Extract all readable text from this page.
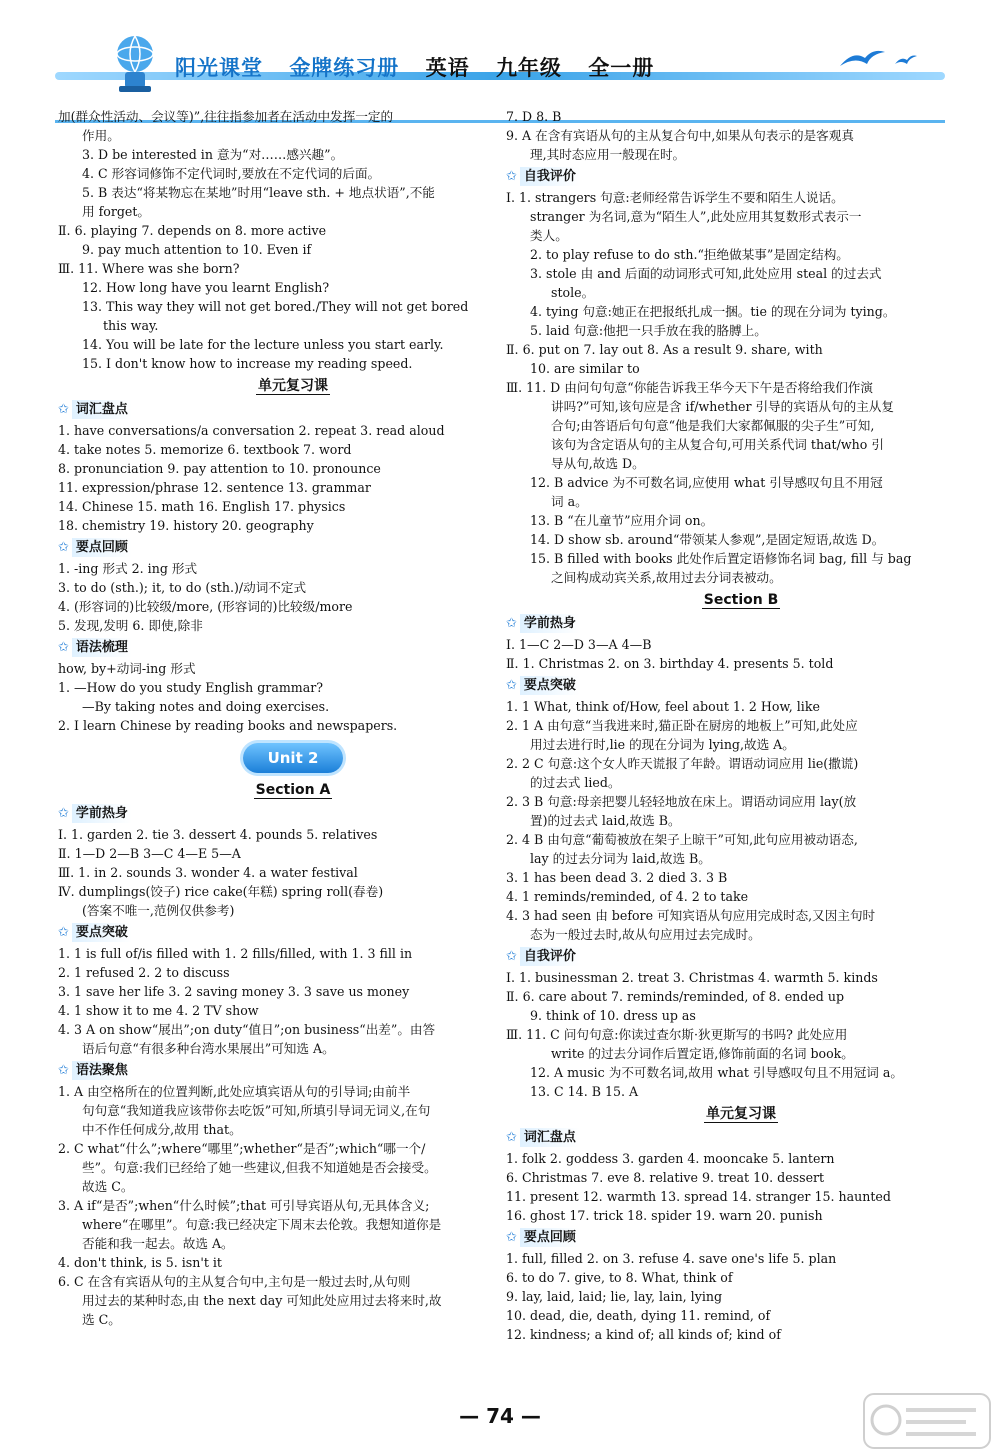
阳光课堂 金牌练习册 英语 九年级 全一册
加(群众性活动、会议等)”,往往指参加者在活动中发挥一定的
作用。
3. D be interested in 意为“对……感兴趣”。
4. C 形容词修饰不定代词时,要放在不定代词的后面。
5. B 表达“将某物忘在某地”时用“leave sth. + 地点状语”,不能
用 forget。
Ⅱ. 6. playing 7. depends on 8. more active
9. pay much attention to 10. Even if
Ⅲ. 11. Where was she born?
12. How long have you learnt English?
13. This way they will not get bored./They will not get bored
this way.
14. You will be late for the lecture unless you start early.
15. I don't know how to increase my reading speed.
单元复习课
✩ 词汇盘点
1. have conversations/a conversation 2. repeat 3. read aloud
4. take notes 5. memorize 6. textbook 7. word
8. pronunciation 9. pay attention to 10. pronounce
11. expression/phrase 12. sentence 13. grammar
14. Chinese 15. math 16. English 17. physics
18. chemistry 19. history 20. geography
✩ 要点回顾
1. -ing 形式 2. ing 形式
3. to do (sth.); it, to do (sth.)/动词不定式
4. (形容词的)比较级/more, (形容词的)比较级/more
5. 发现,发明 6. 即使,除非
✩ 语法梳理
how, by+动词-ing 形式
1. —How do you study English grammar?
—By taking notes and doing exercises.
2. I learn Chinese by reading books and newspapers.
Unit 2
Section A
✩ 学前热身
Ⅰ. 1. garden 2. tie 3. dessert 4. pounds 5. relatives
Ⅱ. 1—D 2—B 3—C 4—E 5—A
Ⅲ. 1. in 2. sounds 3. wonder 4. a water festival
Ⅳ. dumplings(饺子) rice cake(年糕) spring roll(春卷)
(答案不唯一,范例仅供参考)
✩ 要点突破
1. 1 is full of/is filled with 1. 2 fills/filled, with 1. 3 fill in
2. 1 refused 2. 2 to discuss
3. 1 save her life 3. 2 saving money 3. 3 save us money
4. 1 show it to me 4. 2 TV show
4. 3 A on show“展出”;on duty“值日”;on business“出差”。由答
语后句意“有很多种台湾水果展出”可知选 A。
✩ 语法聚焦
1. A 由空格所在的位置判断,此处应填宾语从句的引导词;由前半
句句意“我知道我应该带你去吃饭”可知,所填引导词无词义,在句
中不作任何成分,故用 that。
2. C what“什么”;where“哪里”;whether“是否”;which“哪一个/
些”。句意:我们已经给了她一些建议,但我不知道她是否会接受。
故选 C。
3. A if“是否”;when“什么时候”;that 可引导宾语从句,无具体含义;
where“在哪里”。句意:我已经决定下周末去伦敦。我想知道你是
否能和我一起去。故选 A。
4. don't think, is 5. isn't it
6. C 在含有宾语从句的主从复合句中,主句是一般过去时,从句则
用过去的某种时态,由 the next day 可知此处应用过去将来时,故
选 C。
7. D 8. B
9. A 在含有宾语从句的主从复合句中,如果从句表示的是客观真
理,其时态应用一般现在时。
✩ 自我评价
Ⅰ. 1. strangers 句意:老师经常告诉学生不要和陌生人说话。
stranger 为名词,意为“陌生人”,此处应用其复数形式表示一
类人。
2. to play refuse to do sth.“拒绝做某事”是固定结构。
3. stole 由 and 后面的动词形式可知,此处应用 steal 的过去式
stole。
4. tying 句意:她正在把报纸扎成一捆。tie 的现在分词为 tying。
5. laid 句意:他把一只手放在我的胳膊上。
Ⅱ. 6. put on 7. lay out 8. As a result 9. share, with
10. are similar to
Ⅲ. 11. D 由问句句意“你能告诉我王华今天下午是否将给我们作演
讲吗?”可知,该句应是含 if/whether 引导的宾语从句的主从复
合句;由答语后句句意“他是我们大家都佩服的尖子生”可知,
该句为含定语从句的主从复合句,可用关系代词 that/who 引
导从句,故选 D。
12. B advice 为不可数名词,应使用 what 引导感叹句且不用冠
词 a。
13. B “在儿童节”应用介词 on。
14. D show sb. around“带领某人参观”,是固定短语,故选 D。
15. B filled with books 此处作后置定语修饰名词 bag, fill 与 bag
之间构成动宾关系,故用过去分词表被动。
Section B
✩ 学前热身
Ⅰ. 1—C 2—D 3—A 4—B
Ⅱ. 1. Christmas 2. on 3. birthday 4. presents 5. told
✩ 要点突破
1. 1 What, think of/How, feel about 1. 2 How, like
2. 1 A 由句意“当我进来时,猫正卧在厨房的地板上”可知,此处应
用过去进行时,lie 的现在分词为 lying,故选 A。
2. 2 C 句意:这个女人昨天谎报了年龄。谓语动词应用 lie(撒谎)
的过去式 lied。
2. 3 B 句意:母亲把婴儿轻轻地放在床上。谓语动词应用 lay(放
置)的过去式 laid,故选 B。
2. 4 B 由句意“葡萄被放在架子上晾干”可知,此句应用被动语态,
lay 的过去分词为 laid,故选 B。
3. 1 has been dead 3. 2 died 3. 3 B
4. 1 reminds/reminded, of 4. 2 to take
4. 3 had seen 由 before 可知宾语从句应用完成时态,又因主句时
态为一般过去时,故从句应用过去完成时。
✩ 自我评价
Ⅰ. 1. businessman 2. treat 3. Christmas 4. warmth 5. kinds
Ⅱ. 6. care about 7. reminds/reminded, of 8. ended up
9. think of 10. dress up as
Ⅲ. 11. C 问句句意:你读过查尔斯·狄更斯写的书吗? 此处应用
write 的过去分词作后置定语,修饰前面的名词 book。
12. A music 为不可数名词,故用 what 引导感叹句且不用冠词 a。
13. C 14. B 15. A
单元复习课
✩ 词汇盘点
1. folk 2. goddess 3. garden 4. mooncake 5. lantern
6. Christmas 7. eve 8. relative 9. treat 10. dessert
11. present 12. warmth 13. spread 14. stranger 15. haunted
16. ghost 17. trick 18. spider 19. warn 20. punish
✩ 要点回顾
1. full, filled 2. on 3. refuse 4. save one's life 5. plan
6. to do 7. give, to 8. What, think of
9. lay, laid, laid; lie, lay, lain, lying
10. dead, die, death, dying 11. remind, of
12. kindness; a kind of; all kinds of; kind of
— 74 —
